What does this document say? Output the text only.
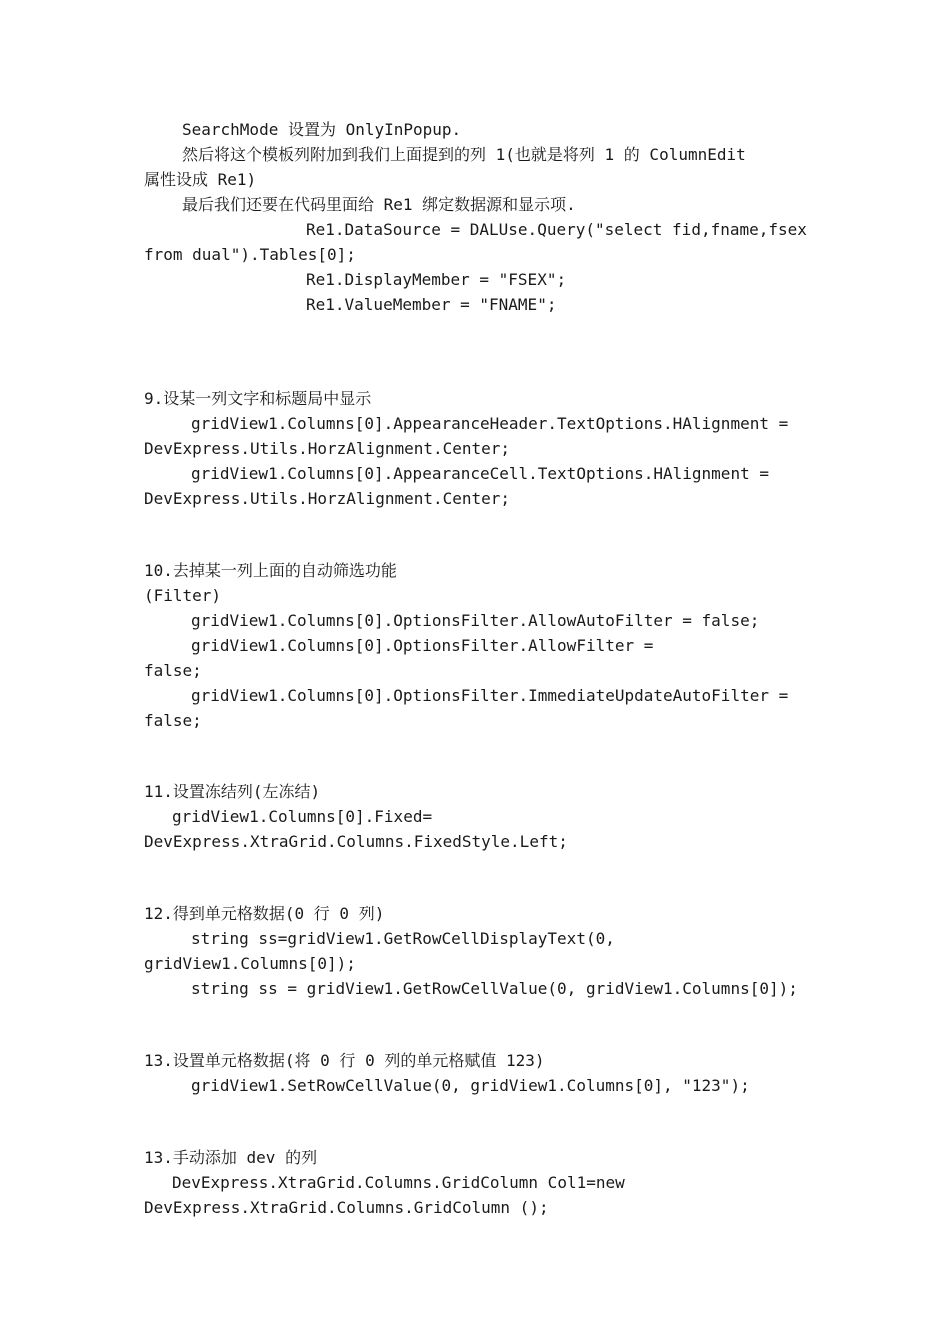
SearchMode 设置为 OnlyInPopup.
然后将这个模板列附加到我们上面提到的列 1(也就是将列 1 的 ColumnEdit
属性设成 Re1)
最后我们还要在代码里面给 Re1 绑定数据源和显示项.
Re1.DataSource = DALUse.Query("select fid,fname,fsex
from dual").Tables[0];
Re1.DisplayMember = "FSEX";
Re1.ValueMember = "FNAME";
9.设某一列文字和标题局中显示
gridView1.Columns[0].AppearanceHeader.TextOptions.HAlignment =
DevExpress.Utils.HorzAlignment.Center;
gridView1.Columns[0].AppearanceCell.TextOptions.HAlignment =
DevExpress.Utils.HorzAlignment.Center;
10.去掉某一列上面的自动筛选功能
(Filter)
gridView1.Columns[0].OptionsFilter.AllowAutoFilter = false;
gridView1.Columns[0].OptionsFilter.AllowFilter =
false;
gridView1.Columns[0].OptionsFilter.ImmediateUpdateAutoFilter =
false;
11.设置冻结列(左冻结)
gridView1.Columns[0].Fixed=
DevExpress.XtraGrid.Columns.FixedStyle.Left;
12.得到单元格数据(0 行 0 列)
string ss=gridView1.GetRowCellDisplayText(0,
gridView1.Columns[0]);
string ss = gridView1.GetRowCellValue(0, gridView1.Columns[0]);
13.设置单元格数据(将 0 行 0 列的单元格赋值 123)
gridView1.SetRowCellValue(0, gridView1.Columns[0], "123");
13.手动添加 dev 的列
DevExpress.XtraGrid.Columns.GridColumn Col1=new
DevExpress.XtraGrid.Columns.GridColumn ();
